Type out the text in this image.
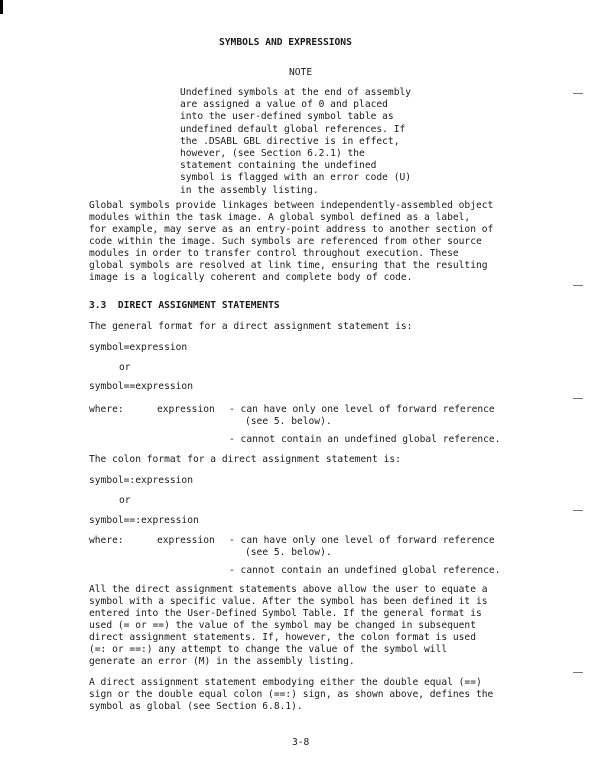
SYMBOLS AND EXPRESSIONS
NOTE
Undefined symbols at the end of assembly
are assigned a value of 0 and placed
into the user-defined symbol table as
undefined default global references. If
the .DSABL GBL directive is in effect,
however, (see Section 6.2.1) the
statement containing the undefined
symbol is flagged with an error code (U)
in the assembly listing.
Global symbols provide linkages between independently-assembled object
modules within the task image. A global symbol defined as a label,
for example, may serve as an entry-point address to another section of
code within the image. Such symbols are referenced from other source
modules in order to transfer control throughout execution. These
global symbols are resolved at link time, ensuring that the resulting
image is a logically coherent and complete body of code.
3.3 DIRECT ASSIGNMENT STATEMENTS
The general format for a direct assignment statement is:
symbol=expression
or
symbol==expression
where:	expression - can have only one level of forward reference
(see 5. below).
- cannot contain an undefined global reference.
The colon format for a direct assignment statement is:
symbol=:expression
or
symbol==:expression
where:	expression - can have only one level of forward reference
(see 5. below).
- cannot contain an undefined global reference.
All the direct assignment statements above allow the user to equate a
symbol with a specific value. After the symbol has been defined it is
entered into the User-Defined Symbol Table. If the general format is
used (= or ==) the value of the symbol may be changed in subsequent
direct assignment statements. If, however, the colon format is used
(=: or ==:) any attempt to change the value of the symbol will
generate an error (M) in the assembly listing.
A direct assignment statement embodying either the double equal (==)
sign or the double equal colon (==:) sign, as shown above, defines the
symbol as global (see Section 6.8.1).
3-8
